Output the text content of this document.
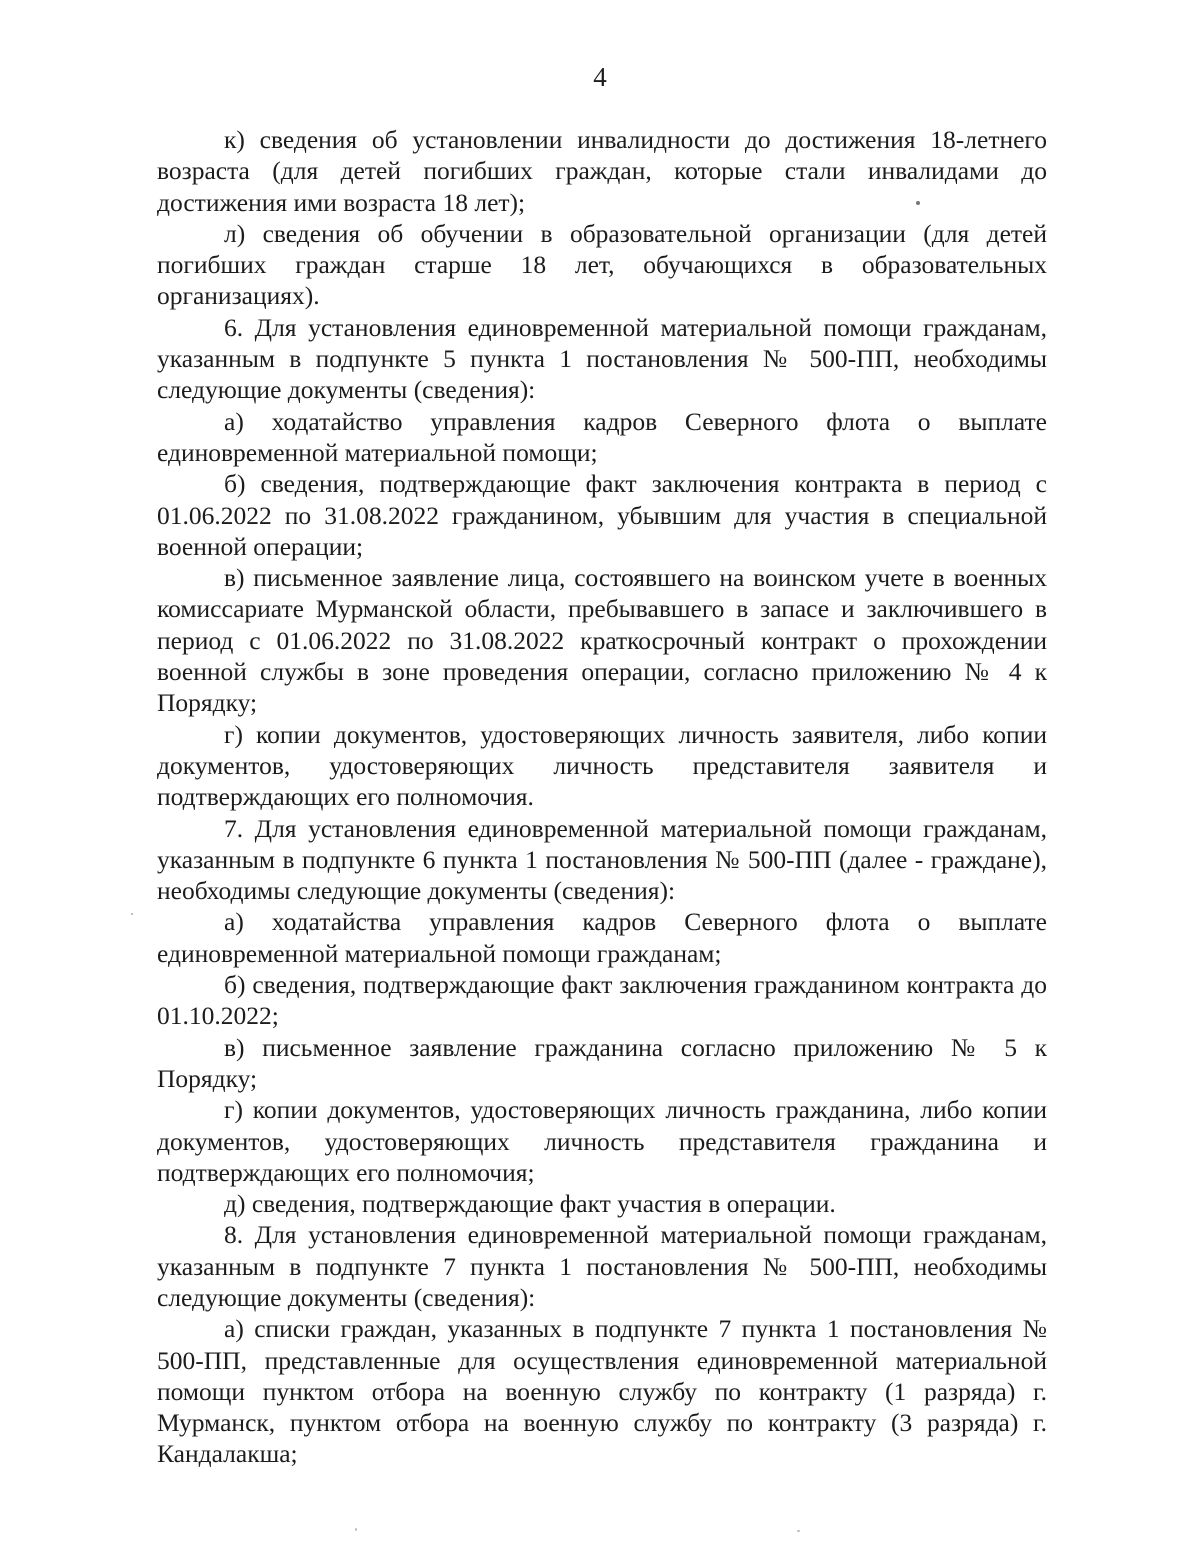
4

к) сведения об установлении инвалидности до достижения 18-летнего возраста (для детей погибших граждан, которые стали инвалидами до достижения ими возраста 18 лет);

л) сведения об обучении в образовательной организации (для детей погибших граждан старше 18 лет, обучающихся в образовательных организациях).

6. Для установления единовременной материальной помощи гражданам, указанным в подпункте 5 пункта 1 постановления № 500-ПП, необходимы следующие документы (сведения):

а) ходатайство управления кадров Северного флота о выплате единовременной материальной помощи;

б) сведения, подтверждающие факт заключения контракта в период с 01.06.2022 по 31.08.2022 гражданином, убывшим для участия в специальной военной операции;

в) письменное заявление лица, состоявшего на воинском учете в военных комиссариате Мурманской области, пребывавшего в запасе и заключившего в период с 01.06.2022 по 31.08.2022 краткосрочный контракт о прохождении военной службы в зоне проведения операции, согласно приложению № 4 к Порядку;

г) копии документов, удостоверяющих личность заявителя, либо копии документов, удостоверяющих личность представителя заявителя и подтверждающих его полномочия.

7. Для установления единовременной материальной помощи гражданам, указанным в подпункте 6 пункта 1 постановления № 500-ПП (далее - граждане), необходимы следующие документы (сведения):

а) ходатайства управления кадров Северного флота о выплате единовременной материальной помощи гражданам;

б) сведения, подтверждающие факт заключения гражданином контракта до 01.10.2022;

в) письменное заявление гражданина согласно приложению № 5 к Порядку;

г) копии документов, удостоверяющих личность гражданина, либо копии документов, удостоверяющих личность представителя гражданина и подтверждающих его полномочия;

д) сведения, подтверждающие факт участия в операции.

8. Для установления единовременной материальной помощи гражданам, указанным в подпункте 7 пункта 1 постановления № 500-ПП, необходимы следующие документы (сведения):

а) списки граждан, указанных в подпункте 7 пункта 1 постановления № 500-ПП, представленные для осуществления единовременной материальной помощи пунктом отбора на военную службу по контракту (1 разряда) г. Мурманск, пунктом отбора на военную службу по контракту (3 разряда) г. Кандалакша;
